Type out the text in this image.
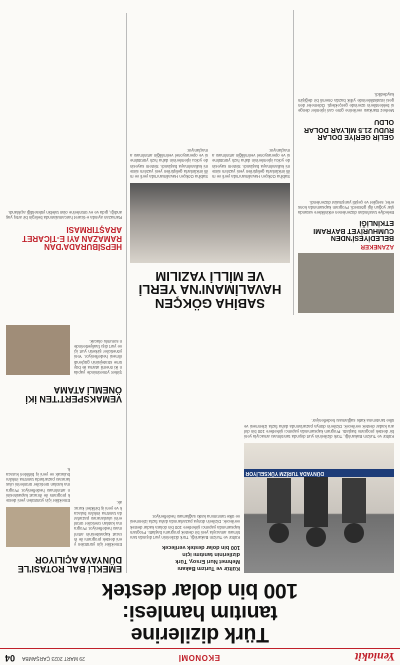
Yeniakit
EKONOMİ
29 MART 2023 ÇARŞAMBA
04
Türk dizilerine
tanıtım hamlesi:
100 bin dolar destek
DÜNYADA TURİZM YÜKSELİYOR
Kültür ve Turizm Bakanı
Mehmet Nuri Ersoy, Türk
dizilerinin tanıtımı için
100 bin dolar destek verilecek
Kültür ve Turizm Bakanlığı, Türk dizilerinin yurt dışında tanıtılması amacıyla yeni bir destek programı başlattı. Program kapsamında yapımcı şirketlere 100 bin dolara kadar destek verilecek. Dizilerin dünya pazarlarında daha fazla izlenmesi ve ülke tanıtımına katkı sağlaması hedefleniyor.
Kültür ve Turizm Bakanlığı, Türk dizilerinin yurt dışında tanıtılması amacıyla yeni bir destek programı başlattı. Program kapsamında yapımcı şirketlere 100 bin dolara kadar destek verilecek. Dizilerin dünya pazarlarında daha fazla izlenmesi ve ülke tanıtımına katkı sağlaması hedefleniyor.
EMEKLİ BAL ROTASI'LE DÜNYAYA AÇILIYOR
Emekliler için yürütülen yeni destek programı ile ihracat kapasitesinin artırılması hedefleniyor. Programa katılan üreticiler ürünlerini uluslararası pazarlarda tanıtma imkânı bulacak ve yeni iş birlikleri kuracak.
Emekliler için yürütülen yeni destek programı ile ihracat kapasitesinin artırılması hedefleniyor. Programa katılan üreticiler ürünlerini uluslararası pazarlarda tanıtma imkânı bulacak ve yeni iş birlikleri kuracak.
SABİHA GÖKÇEN
HAVALİMANI'NA YERLİ
VE MİLLİ YAZILIM
Sabiha Gökçen Havalimanı'nda yerli ve milli imkânlarla geliştirilen yeni yazılım sistemi kullanılmaya başlandı. Sistem sayesinde yolcu işlemlerinin daha hızlı yürütülmesi ve operasyonel verimliliğin artırılması amaçlanıyor.
Sabiha Gökçen Havalimanı'nda yerli ve milli imkânlarla geliştirilen yeni yazılım sistemi kullanılmaya başlandı. Sistem sayesinde yolcu işlemlerinin daha hızlı yürütülmesi ve operasyonel verimliliğin artırılması amaçlanıyor.
VEMAKSPERT'TEN İKİ ÖNEMLİ ATAMA
Şirket yönetiminde yapılan iki önemli atama ile büyüme stratejisinin güçlendirilmesi hedefleniyor. Yeni yöneticiler şirketin yurt içi ve yurt dışı faaliyetlerinden sorumlu olacak.
HEPSİBURADA'DAN RAMAZAN AYI E-TİCARET ARAŞTIRMASI
Ramazan ayında e-ticaret harcamalarında belirgin bir artış yaşandığı, gıda ve ev ürünlerine olan talebin yükseldiği açıklandı.
AZANEKER
BELEDİYESİ'NDEN CUMHURİYET BAYRAMI ETKİNLİĞİ
Belediye tarafından düzenlenen etkinliklere vatandaşlar yoğun ilgi gösterdi. Program kapsamında konserler, sergiler ve çeşitli yarışmalar düzenlendi.
GELİR GERİYE DOLAR RUDU 21.5 MİLYAR DOLAR OLDU
Merkez Bankası verilerine göre cari işlemler dengesi beklentilerin üzerinde gerçekleşti. Ödemeler dengesi istatistiklerinde yıllık bazda önemli bir değişim kaydedildi.
